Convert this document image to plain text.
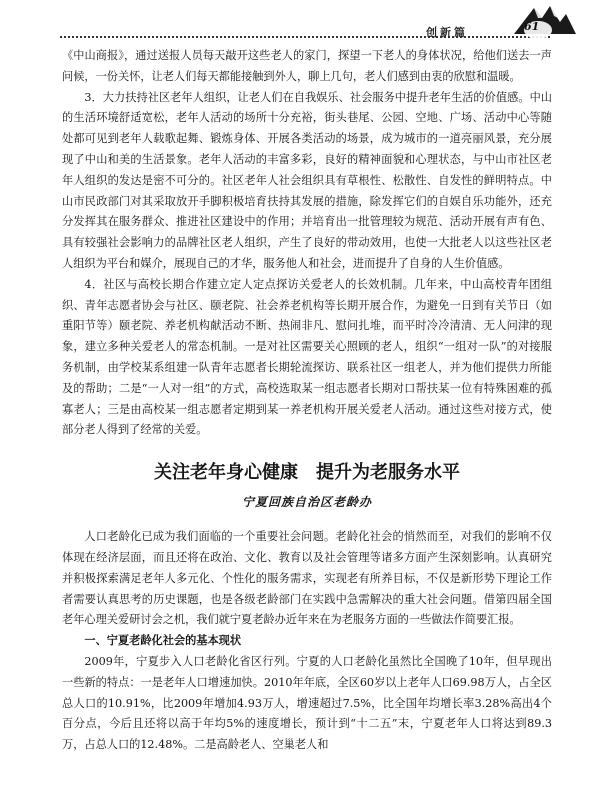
创新篇	61

《中山商报》，通过送报人员每天敲开这些老人的家门，探望一下老人的身体状况，给他们送去一声问候，一份关怀，让老人们每天都能接触到外人，聊上几句，老人们感到由衷的欣慰和温暖。

3．大力扶持社区老年人组织，让老人们在自我娱乐、社会服务中提升老年生活的价值感。中山的生活环境舒适宽松，老年人活动的场所十分充裕，街头巷尾、公园、空地、广场、活动中心等随处都可见到老年人载歌起舞、锻炼身体、开展各类活动的场景，成为城市的一道亮丽风景，充分展现了中山和美的生活景象。老年人活动的丰富多彩，良好的精神面貌和心理状态，与中山市社区老年人组织的发达是密不可分的。社区老年人社会组织具有草根性、松散性、自发性的鲜明特点。中山市民政部门对其采取放开手脚积极培育扶持其发展的措施，除发挥它们的自娱自乐功能外，还充分发挥其在服务群众、推进社区建设中的作用；并培育出一批管理较为规范、活动开展有声有色、具有较强社会影响力的品牌社区老人组织，产生了良好的带动效用，也使一大批老人以这些社区老人组织为平台和媒介，展现自己的才华，服务他人和社会，进而提升了自身的人生价值感。

4．社区与高校长期合作建立定人定点探访关爱老人的长效机制。几年来，中山高校青年团组织、青年志愿者协会与社区、颐老院、社会养老机构等长期开展合作，为避免一日到有关节日（如重阳节等）颐老院、养老机构献活动不断、热闹非凡、慰问扎堆，而平时冷冷清清、无人问津的现象，建立多种关爱老人的常态机制。一是对社区需要关心照顾的老人，组织“一组对一队”的对接服务机制，由学校某系组建一队青年志愿者长期轮流探访、联系社区一组老人，并为他们提供力所能及的帮助；二是“一人对一组”的方式，高校选取某一组志愿者长期对口帮扶某一位有特殊困难的孤寡老人；三是由高校某一组志愿者定期到某一养老机构开展关爱老人活动。通过这些对接方式，使部分老人得到了经常的关爱。

关注老年身心健康　提升为老服务水平
宁夏回族自治区老龄办

人口老龄化已成为我们面临的一个重要社会问题。老龄化社会的悄然而至，对我们的影响不仅体现在经济层面，而且还将在政治、文化、教育以及社会管理等诸多方面产生深刻影响。认真研究并积极探索满足老年人多元化、个性化的服务需求，实现老有所养目标，不仅是新形势下理论工作者需要认真思考的历史课题，也是各级老龄部门在实践中急需解决的重大社会问题。借第四届全国老年心理关爱研讨会之机，我们就宁夏老龄办近年来在为老服务方面的一些做法作简要汇报。

一、宁夏老龄化社会的基本现状

2009年，宁夏步入人口老龄化省区行列。宁夏的人口老龄化虽然比全国晚了10年，但早现出一些新的特点：一是老年人口增速加快。2010年年底，全区60岁以上老年人口69.98万人，占全区总人口的10.91%，比2009年增加4.93万人，增速超过7.5%，比全国年均增长率3.28%高出4个百分点，今后且还将以高于年均5%的速度增长，预计到“十二五”末，宁夏老年人口将达到89.3万，占总人口的12.48%。二是高龄老人、空巢老人和
